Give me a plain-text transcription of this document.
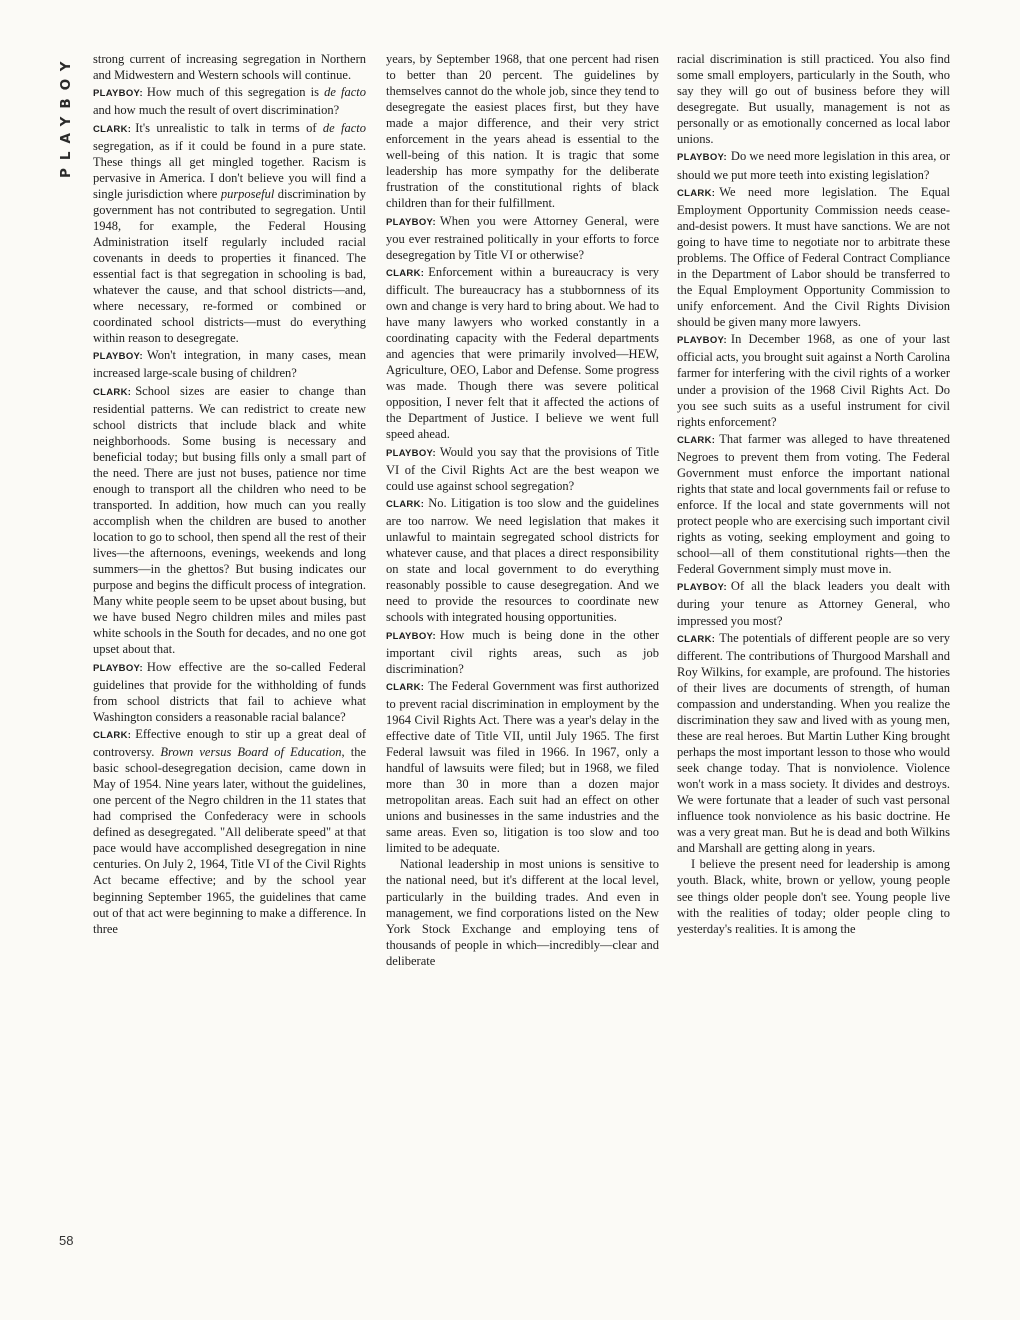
PLAYBOY
58

strong current of increasing segregation in Northern and Midwestern and Western schools will continue.

PLAYBOY: How much of this segregation is de facto and how much the result of overt discrimination?

CLARK: It's unrealistic to talk in terms of de facto segregation, as if it could be found in a pure state. These things all get mingled together. Racism is pervasive in America. I don't believe you will find a single jurisdiction where purposeful discrimination by government has not contributed to segregation. Until 1948, for example, the Federal Housing Administration itself regularly included racial covenants in deeds to properties it financed. The essential fact is that segregation in schooling is bad, whatever the cause, and that school districts—and, where necessary, re-formed or combined or coordinated school districts—must do everything within reason to desegregate.

PLAYBOY: Won't integration, in many cases, mean increased large-scale busing of children?

CLARK: School sizes are easier to change than residential patterns. We can redistrict to create new school districts that include black and white neighborhoods. Some busing is necessary and beneficial today; but busing fills only a small part of the need. There are just not buses, patience nor time enough to transport all the children who need to be transported. In addition, how much can you really accomplish when the children are bused to another location to go to school, then spend all the rest of their lives—the afternoons, evenings, weekends and long summers—in the ghettos? But busing indicates our purpose and begins the difficult process of integration. Many white people seem to be upset about busing, but we have bused Negro children miles and miles past white schools in the South for decades, and no one got upset about that.

PLAYBOY: How effective are the so-called Federal guidelines that provide for the withholding of funds from school districts that fail to achieve what Washington considers a reasonable racial balance?

CLARK: Effective enough to stir up a great deal of controversy. Brown versus Board of Education, the basic school-desegregation decision, came down in May of 1954. Nine years later, without the guidelines, one percent of the Negro children in the 11 states that had comprised the Confederacy were in schools defined as desegregated. "All deliberate speed" at that pace would have accomplished desegregation in nine centuries. On July 2, 1964, Title VI of the Civil Rights Act became effective; and by the school year beginning September 1965, the guidelines that came out of that act were beginning to make a difference. In three

years, by September 1968, that one percent had risen to better than 20 percent. The guidelines by themselves cannot do the whole job, since they tend to desegregate the easiest places first, but they have made a major difference, and their very strict enforcement in the years ahead is essential to the well-being of this nation. It is tragic that some leadership has more sympathy for the deliberate frustration of the constitutional rights of black children than for their fulfillment.

PLAYBOY: When you were Attorney General, were you ever restrained politically in your efforts to force desegregation by Title VI or otherwise?

CLARK: Enforcement within a bureaucracy is very difficult. The bureaucracy has a stubbornness of its own and change is very hard to bring about. We had to have many lawyers who worked constantly in a coordinating capacity with the Federal departments and agencies that were primarily involved—HEW, Agriculture, OEO, Labor and Defense. Some progress was made. Though there was severe political opposition, I never felt that it affected the actions of the Department of Justice. I believe we went full speed ahead.

PLAYBOY: Would you say that the provisions of Title VI of the Civil Rights Act are the best weapon we could use against school segregation?

CLARK: No. Litigation is too slow and the guidelines are too narrow. We need legislation that makes it unlawful to maintain segregated school districts for whatever cause, and that places a direct responsibility on state and local government to do everything reasonably possible to cause desegregation. And we need to provide the resources to coordinate new schools with integrated housing opportunities.

PLAYBOY: How much is being done in the other important civil rights areas, such as job discrimination?

CLARK: The Federal Government was first authorized to prevent racial discrimination in employment by the 1964 Civil Rights Act. There was a year's delay in the effective date of Title VII, until July 1965. The first Federal lawsuit was filed in 1966. In 1967, only a handful of lawsuits were filed; but in 1968, we filed more than 30 in more than a dozen major metropolitan areas. Each suit had an effect on other unions and businesses in the same industries and the same areas. Even so, litigation is too slow and too limited to be adequate.

National leadership in most unions is sensitive to the national need, but it's different at the local level, particularly in the building trades. And even in management, we find corporations listed on the New York Stock Exchange and employing tens of thousands of people in which—incredibly—clear and deliberate

racial discrimination is still practiced. You also find some small employers, particularly in the South, who say they will go out of business before they will desegregate. But usually, management is not as personally or as emotionally concerned as local labor unions.

PLAYBOY: Do we need more legislation in this area, or should we put more teeth into existing legislation?

CLARK: We need more legislation. The Equal Employment Opportunity Commission needs cease-and-desist powers. It must have sanctions. We are not going to have time to negotiate nor to arbitrate these problems. The Office of Federal Contract Compliance in the Department of Labor should be transferred to the Equal Employment Opportunity Commission to unify enforcement. And the Civil Rights Division should be given many more lawyers.

PLAYBOY: In December 1968, as one of your last official acts, you brought suit against a North Carolina farmer for interfering with the civil rights of a worker under a provision of the 1968 Civil Rights Act. Do you see such suits as a useful instrument for civil rights enforcement?

CLARK: That farmer was alleged to have threatened Negroes to prevent them from voting. The Federal Government must enforce the important national rights that state and local governments fail or refuse to enforce. If the local and state governments will not protect people who are exercising such important civil rights as voting, seeking employment and going to school—all of them constitutional rights—then the Federal Government simply must move in.

PLAYBOY: Of all the black leaders you dealt with during your tenure as Attorney General, who impressed you most?

CLARK: The potentials of different people are so very different. The contributions of Thurgood Marshall and Roy Wilkins, for example, are profound. The histories of their lives are documents of strength, of human compassion and understanding. When you realize the discrimination they saw and lived with as young men, these are real heroes. But Martin Luther King brought perhaps the most important lesson to those who would seek change today. That is nonviolence. Violence won't work in a mass society. It divides and destroys. We were fortunate that a leader of such vast personal influence took nonviolence as his basic doctrine. He was a very great man. But he is dead and both Wilkins and Marshall are getting along in years.

I believe the present need for leadership is among youth. Black, white, brown or yellow, young people see things older people don't see. Young people live with the realities of today; older people cling to yesterday's realities. It is among the
